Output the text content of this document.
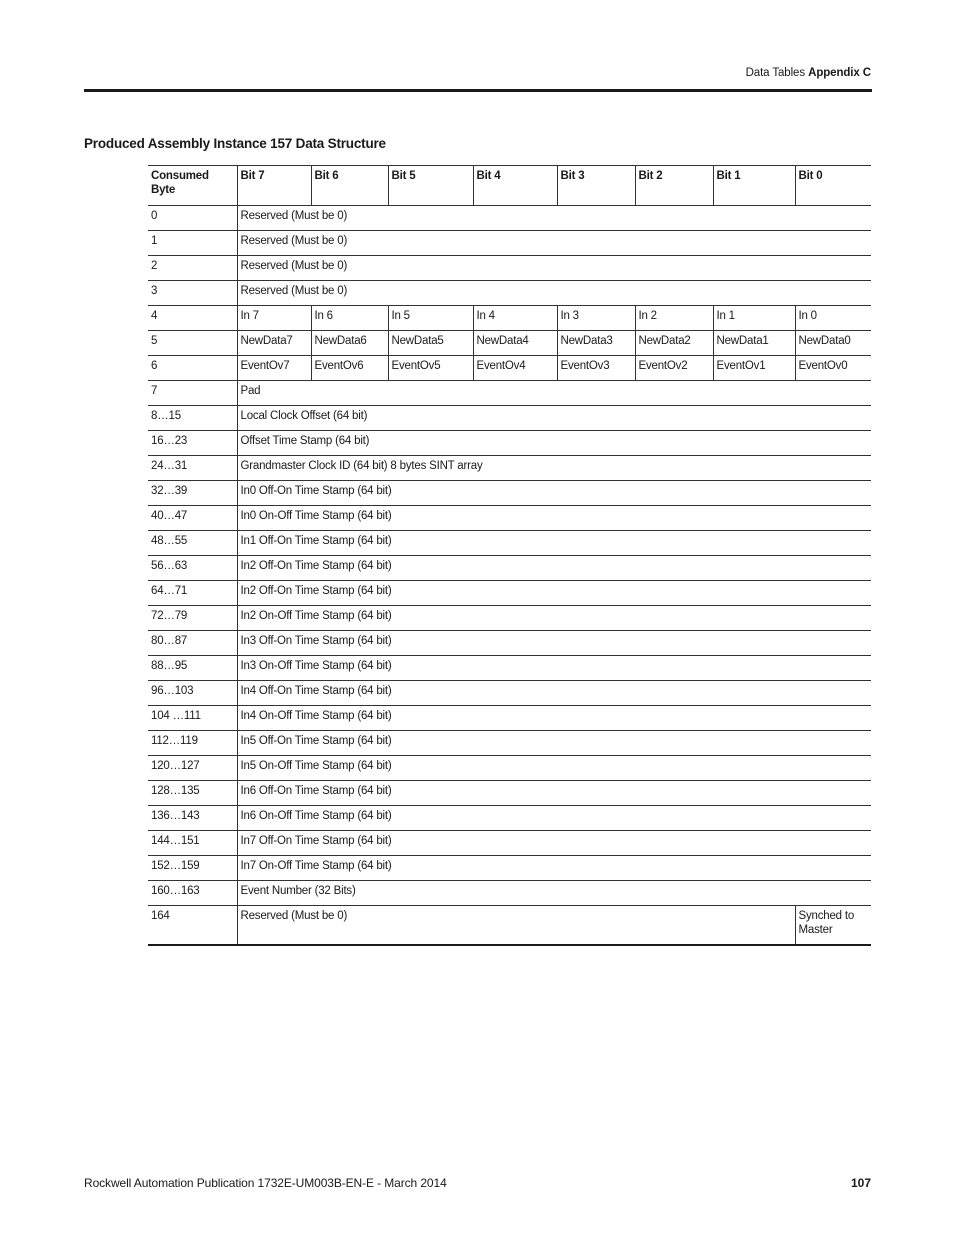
Data Tables Appendix C
Produced Assembly Instance 157 Data Structure
Consumed Byte	Bit 7	Bit 6	Bit 5	Bit 4	Bit 3	Bit 2	Bit 1	Bit 0
0	Reserved (Must be 0)							
1	Reserved (Must be 0)							
2	Reserved (Must be 0)							
3	Reserved (Must be 0)							
4	In 7	In 6	In 5	In 4	In 3	In 2	In 1	In 0
5	NewData7	NewData6	NewData5	NewData4	NewData3	NewData2	NewData1	NewData0
6	EventOv7	EventOv6	EventOv5	EventOv4	EventOv3	EventOv2	EventOv1	EventOv0
7	Pad							
8…15	Local Clock Offset (64 bit)							
16…23	Offset Time Stamp (64 bit)							
24…31	Grandmaster Clock ID (64 bit) 8 bytes SINT array							
32…39	In0 Off-On Time Stamp (64 bit)							
40…47	In0 On-Off Time Stamp (64 bit)							
48…55	In1 Off-On Time Stamp (64 bit)							
56…63	In2 Off-On Time Stamp (64 bit)							
64…71	In2 Off-On Time Stamp (64 bit)							
72…79	In2 On-Off Time Stamp (64 bit)							
80…87	In3 Off-On Time Stamp (64 bit)							
88…95	In3 On-Off Time Stamp (64 bit)							
96…103	In4 Off-On Time Stamp (64 bit)							
104 …111	In4 On-Off Time Stamp (64 bit)							
112…119	In5 Off-On Time Stamp (64 bit)							
120…127	In5 On-Off Time Stamp (64 bit)							
128…135	In6 Off-On Time Stamp (64 bit)							
136…143	In6 On-Off Time Stamp (64 bit)							
144…151	In7 Off-On Time Stamp (64 bit)							
152…159	In7 On-Off Time Stamp (64 bit)							
160…163	Event Number (32 Bits)							
164	Reserved (Must be 0)							Synched to Master
Rockwell Automation Publication 1732E-UM003B-EN-E - March 2014	107
